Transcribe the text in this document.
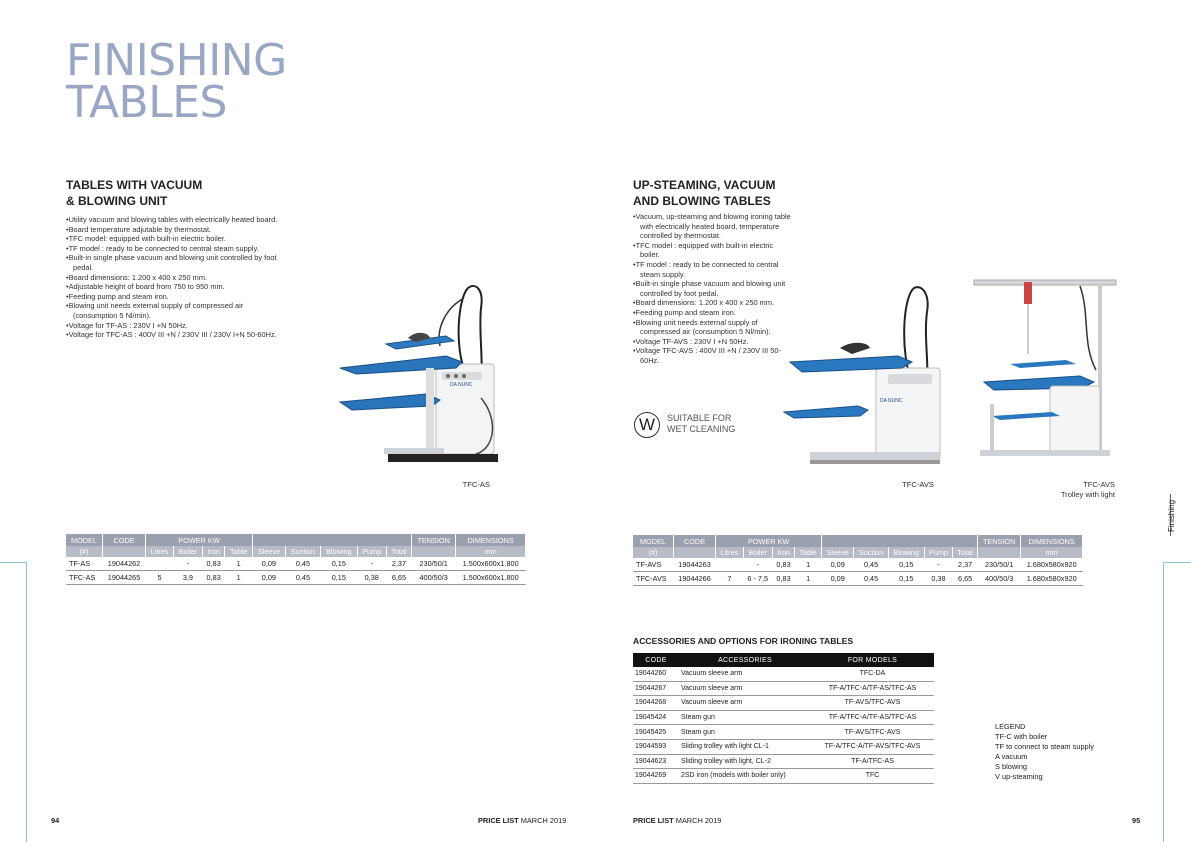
FINISHING
TABLES
TABLES WITH VACUUM
& BLOWING UNIT
• Utility vacuum and blowing tables with electrically heated board.
• Board temperature adjutable by thermostat.
• TFC model: equipped with built-in electric boiler.
• TF model : ready to be connected to central steam supply.
• Built-in single phase vacuum and blowing unit controlled by foot pedal.
• Board dimensions: 1.200 x 400 x 250 mm.
• Adjustable height of board from 750 to 950 mm.
• Feeding pump and steam iron.
• Blowing unit needs external supply of compressed air (consumption 5 Nl/min).
• Voltage for TF-AS : 230V I +N 50Hz.
• Voltage for TFC-AS : 400V III +N / 230V III / 230V I+N 50-60Hz.
DA NUNC
TFC-AS
MODEL	CODE	POWER KW									TENSION	DIMENSIONS
(#)		Litres	Boiler	Iron	Table	Sleeve	Suction	Blowing	Pump	Total		mm
TF-AS	19044262		-	0,83	1	0,09	0,45	0,15	-	2,37	230/50/1	1.500x600x1.800
TFC-AS	19044265	5	3,9	0,83	1	0,09	0,45	0,15	0,38	6,65	400/50/3	1.500x600x1.800
UP-STEAMING, VACUUM
AND BLOWING TABLES
• Vacuum, up-steaming and blowing ironing table with electrically heated board, temperature controlled by thermostat.
• TFC model : equipped with built-in electric boiler.
• TF model : ready to be connected to central steam supply.
• Built-in single phase vacuum and blowing unit controlled by foot pedal.
• Board dimensions: 1.200 x 400 x 250 mm.
• Feeding pump and steam iron.
• Blowing unit needs external supply of compressed air (consumption 5 Nl/min).
• Voltage TF-AVS : 230V I +N 50Hz.
• Voltage TFC-AVS : 400V III +N / 230V III 50-60Hz.
W	SUITABLE FOR
WET CLEANING
DA NUNC
TFC-AVS	TFC-AVS
Trolley with light
MODEL	CODE	POWER KW									TENSION	DIMENSIONS
(#)		Litres	Boiler	Iron	Table	Sleeve	Suction	Blowing	Pump	Total		mm
TF-AVS	19044263		-	0,83	1	0,09	0,45	0,15	-	2,37	230/50/1	1.680x580x920
TFC-AVS	19044266	7	6 - 7,5	0,83	1	0,09	0,45	0,15	0,38	6,65	400/50/3	1.680x580x920
ACCESSORIES AND OPTIONS FOR IRONING TABLES
CODE	ACCESSORIES	FOR MODELS
19044260	Vacuum sleeve arm	TFC-DA
19044267	Vacuum sleeve arm	TF-A/TFC-A/TF-AS/TFC-AS
19044268	Vacuum sleeve arm	TF-AVS/TFC-AVS
19045424	Steam gun	TF-A/TFC-A/TF-AS/TFC-AS
19045425	Steam gun	TF-AVS/TFC-AVS
19044593	Sliding trolley with light CL-1	TF-A/TFC-A/TF-AVS/TFC-AVS
19044623	Sliding trolley with light, CL-2	TF-A/TFC-AS
19044269	2SD iron (models with boiler only)	TFC
LEGEND
TF-C with boiler
TF to connect to steam supply
A vacuum
S blowing
V up-steaming
Finishing
94	PRICE LIST MARCH 2019	PRICE LIST MARCH 2019	95
